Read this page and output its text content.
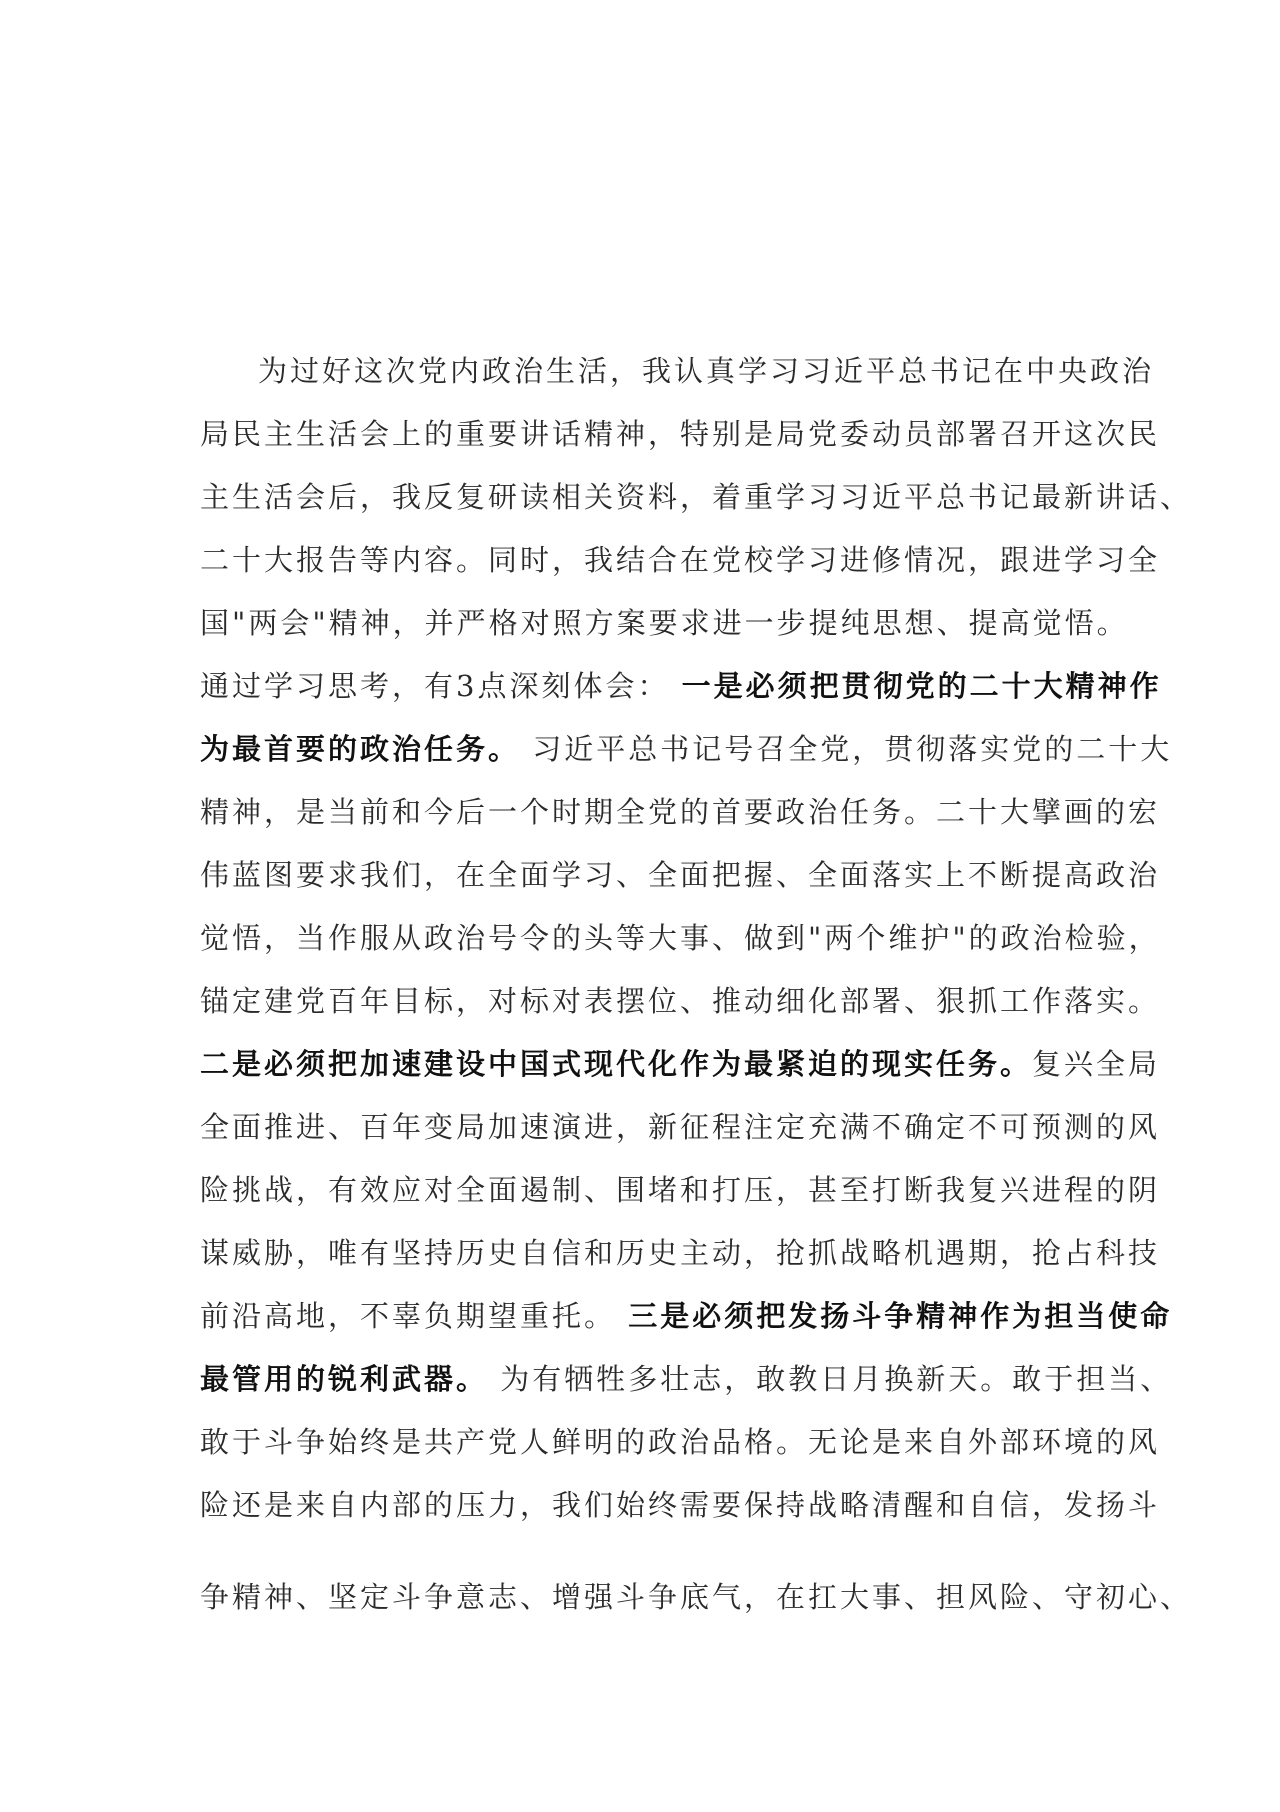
为过好这次党内政治生活，我认真学习习近平总书记在中央政治
局民主生活会上的重要讲话精神，特别是局党委动员部署召开这次民
主生活会后，我反复研读相关资料，着重学习习近平总书记最新讲话、
二十大报告等内容。同时，我结合在党校学习进修情况，跟进学习全
国"两会"精神，并严格对照方案要求进一步提纯思想、提高觉悟。
通过学习思考，有3点深刻体会： 一是必须把贯彻党的二十大精神作
为最首要的政治任务。 习近平总书记号召全党，贯彻落实党的二十大
精神，是当前和今后一个时期全党的首要政治任务。二十大擘画的宏
伟蓝图要求我们，在全面学习、全面把握、全面落实上不断提高政治
觉悟，当作服从政治号令的头等大事、做到"两个维护"的政治检验，
锚定建党百年目标，对标对表摆位、推动细化部署、狠抓工作落实。
二是必须把加速建设中国式现代化作为最紧迫的现实任务。复兴全局
全面推进、百年变局加速演进，新征程注定充满不确定不可预测的风
险挑战，有效应对全面遏制、围堵和打压，甚至打断我复兴进程的阴
谋威胁，唯有坚持历史自信和历史主动，抢抓战略机遇期，抢占科技
前沿高地，不辜负期望重托。 三是必须把发扬斗争精神作为担当使命
最管用的锐利武器。 为有牺牲多壮志，敢教日月换新天。敢于担当、
敢于斗争始终是共产党人鲜明的政治品格。无论是来自外部环境的风
险还是来自内部的压力，我们始终需要保持战略清醒和自信，发扬斗
争精神、坚定斗争意志、增强斗争底气，在扛大事、担风险、守初心、
